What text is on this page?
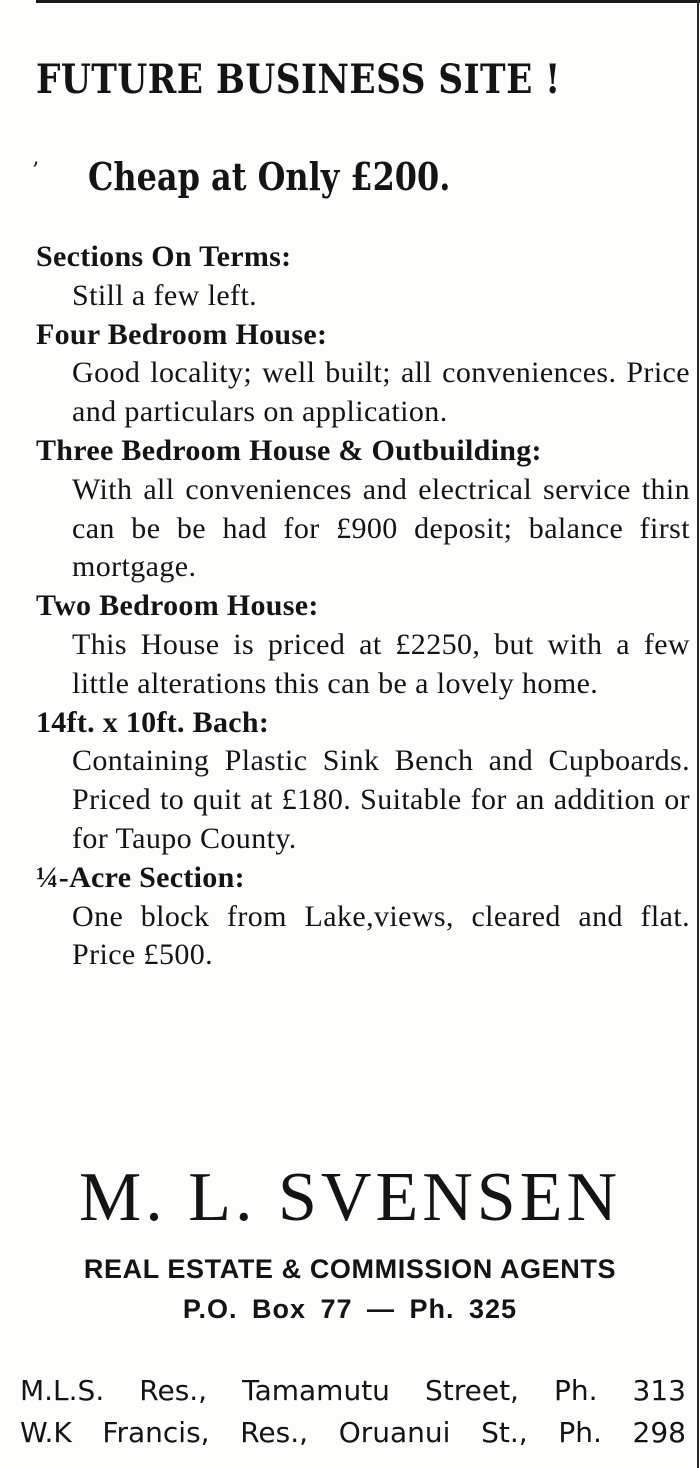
FUTURE BUSINESS SITE !
’ Cheap at Only £200.
Sections On Terms:
Still a few left.
Four Bedroom House:
Good locality; well built; all conveniences. Price and particulars on application.
Three Bedroom House & Outbuilding:
With all conveniences and electrical service thin can be be had for £900 deposit; balance first mortgage.
Two Bedroom House:
This House is priced at £2250, but with a few little alterations this can be a lovely home.
14ft. x 10ft. Bach:
Containing Plastic Sink Bench and Cupboards. Priced to quit at £180. Suitable for an addition or for Taupo County.
¼-Acre Section:
One block from Lake,views, cleared and flat. Price £500.
M. L. SVENSEN
REAL ESTATE & COMMISSION AGENTS
P.O. Box 77 — Ph. 325
M.L.S. Res., Tamamutu Street, Ph. 313
W.K Francis, Res., Oruanui St., Ph. 298
